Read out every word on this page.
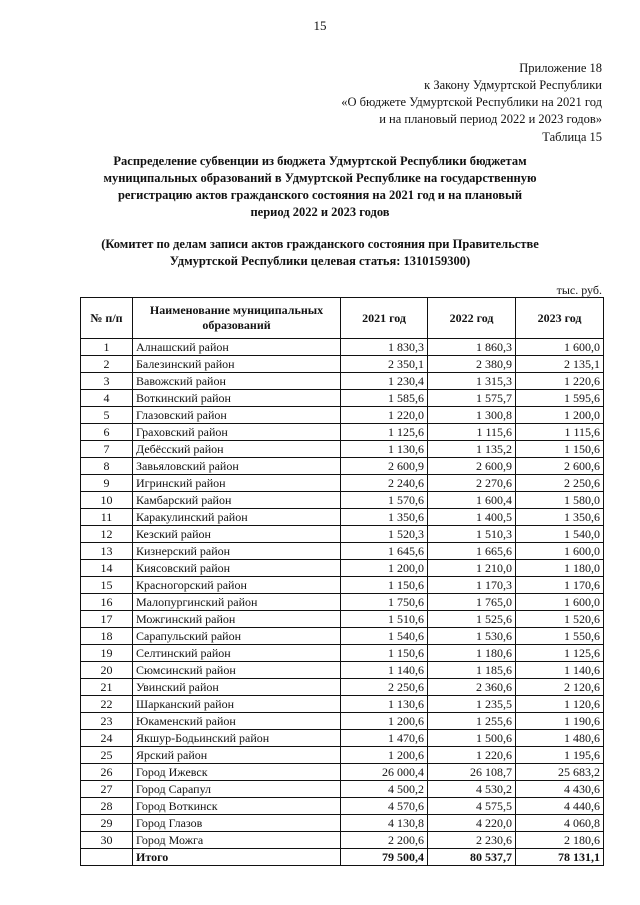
15
Приложение 18
к Закону Удмуртской Республики
«О бюджете Удмуртской Республики на 2021 год
и на плановый период 2022 и 2023 годов»
Таблица 15
Распределение субвенции из бюджета Удмуртской Республики бюджетам муниципальных образований в Удмуртской Республике на государственную регистрацию актов гражданского состояния на 2021 год и на плановый период 2022 и 2023 годов
(Комитет по делам записи актов гражданского состояния при Правительстве Удмуртской Республики целевая статья: 1310159300)
тыс. руб.
№ п/п	Наименование муниципальных образований	2021 год	2022 год	2023 год
1	Алнашский район	1 830,3	1 860,3	1 600,0
2	Балезинский район	2 350,1	2 380,9	2 135,1
3	Вавожский район	1 230,4	1 315,3	1 220,6
4	Воткинский район	1 585,6	1 575,7	1 595,6
5	Глазовский район	1 220,0	1 300,8	1 200,0
6	Граховский район	1 125,6	1 115,6	1 115,6
7	Дебёсский район	1 130,6	1 135,2	1 150,6
8	Завьяловский район	2 600,9	2 600,9	2 600,6
9	Игринский район	2 240,6	2 270,6	2 250,6
10	Камбарский район	1 570,6	1 600,4	1 580,0
11	Каракулинский район	1 350,6	1 400,5	1 350,6
12	Кезский район	1 520,3	1 510,3	1 540,0
13	Кизнерский район	1 645,6	1 665,6	1 600,0
14	Киясовский район	1 200,0	1 210,0	1 180,0
15	Красногорский район	1 150,6	1 170,3	1 170,6
16	Малопургинский район	1 750,6	1 765,0	1 600,0
17	Можгинский район	1 510,6	1 525,6	1 520,6
18	Сарапульский район	1 540,6	1 530,6	1 550,6
19	Селтинский район	1 150,6	1 180,6	1 125,6
20	Сюмсинский район	1 140,6	1 185,6	1 140,6
21	Увинский район	2 250,6	2 360,6	2 120,6
22	Шарканский район	1 130,6	1 235,5	1 120,6
23	Юкаменский район	1 200,6	1 255,6	1 190,6
24	Якшур-Бодьинский район	1 470,6	1 500,6	1 480,6
25	Ярский район	1 200,6	1 220,6	1 195,6
26	Город Ижевск	26 000,4	26 108,7	25 683,2
27	Город Сарапул	4 500,2	4 530,2	4 430,6
28	Город Воткинск	4 570,6	4 575,5	4 440,6
29	Город Глазов	4 130,8	4 220,0	4 060,8
30	Город Можга	2 200,6	2 230,6	2 180,6
	Итого	79 500,4	80 537,7	78 131,1
